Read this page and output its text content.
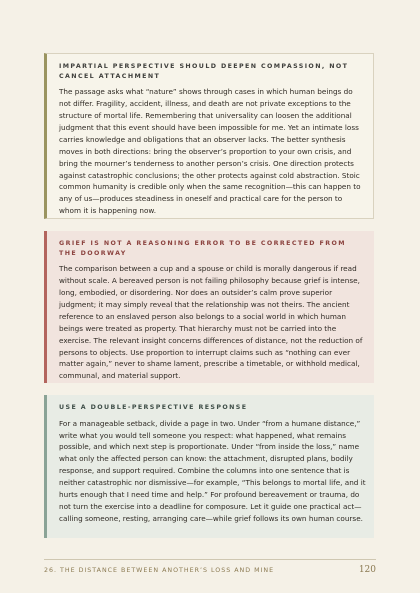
IMPARTIAL PERSPECTIVE SHOULD DEEPEN COMPASSION, NOT CANCEL ATTACHMENT

The passage asks what “nature” shows through cases in which human beings do not differ. Fragility, accident, illness, and death are not private exceptions to the structure of mortal life. Remembering that universality can loosen the additional judgment that this event should have been impossible for me. Yet an intimate loss carries knowledge and obligations that an observer lacks. The better synthesis moves in both directions: bring the observer’s proportion to your own crisis, and bring the mourner’s tenderness to another person’s crisis. One direction protects against catastrophic conclusions; the other protects against cold abstraction. Stoic common humanity is credible only when the same recognition—this can happen to any of us—produces steadiness in oneself and practical care for the person to whom it is happening now.

GRIEF IS NOT A REASONING ERROR TO BE CORRECTED FROM THE DOORWAY

The comparison between a cup and a spouse or child is morally dangerous if read without scale. A bereaved person is not failing philosophy because grief is intense, long, embodied, or disordering. Nor does an outsider’s calm prove superior judgment; it may simply reveal that the relationship was not theirs. The ancient reference to an enslaved person also belongs to a social world in which human beings were treated as property. That hierarchy must not be carried into the exercise. The relevant insight concerns differences of distance, not the reduction of persons to objects. Use proportion to interrupt claims such as “nothing can ever matter again,” never to shame lament, prescribe a timetable, or withhold medical, communal, and material support.

USE A DOUBLE-PERSPECTIVE RESPONSE

For a manageable setback, divide a page in two. Under “from a humane distance,” write what you would tell someone you respect: what happened, what remains possible, and which next step is proportionate. Under “from inside the loss,” name what only the affected person can know: the attachment, disrupted plans, bodily response, and support required. Combine the columns into one sentence that is neither catastrophic nor dismissive—for example, “This belongs to mortal life, and it hurts enough that I need time and help.” For profound bereavement or trauma, do not turn the exercise into a deadline for composure. Let it guide one practical act—calling someone, resting, arranging care—while grief follows its own human course.

26. THE DISTANCE BETWEEN ANOTHER’S LOSS AND MINE	120
